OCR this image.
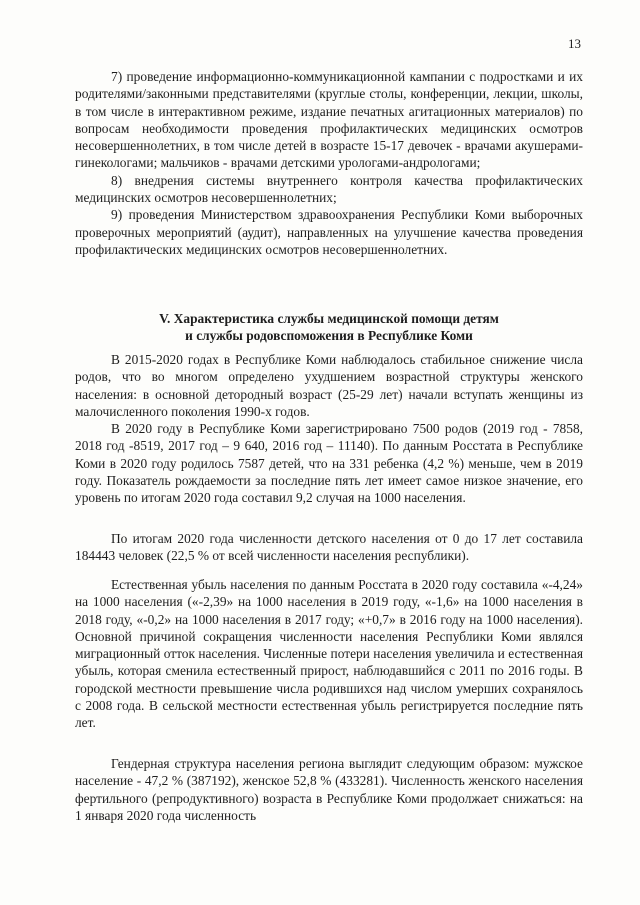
13

7) проведение информационно-коммуникационной кампании с подростками и их родителями/законными представителями (круглые столы, конференции, лекции, школы, в том числе в интерактивном режиме, издание печатных агитационных материалов) по вопросам необходимости проведения профилактических медицинских осмотров несовершеннолетних, в том числе детей в возрасте 15-17 девочек - врачами акушерами-гинекологами; мальчиков - врачами детскими урологами-андрологами;

8) внедрения системы внутреннего контроля качества профилактических медицинских осмотров несовершеннолетних;

9) проведения Министерством здравоохранения Республики Коми выборочных проверочных мероприятий (аудит), направленных на улучшение качества проведения профилактических медицинских осмотров несовершеннолетних.

V. Характеристика службы медицинской помощи детям
и службы родовспоможения в Республике Коми

В 2015-2020 годах в Республике Коми наблюдалось стабильное снижение числа родов, что во многом определено ухудшением возрастной структуры женского населения: в основной детородный возраст (25-29 лет) начали вступать женщины из малочисленного поколения 1990-х годов.

В 2020 году в Республике Коми зарегистрировано 7500 родов (2019 год - 7858, 2018 год -8519, 2017 год – 9 640, 2016 год – 11140). По данным Росстата в Республике Коми в 2020 году родилось 7587 детей, что на 331 ребенка (4,2 %) меньше, чем в 2019 году. Показатель рождаемости за последние пять лет имеет самое низкое значение, его уровень по итогам 2020 года составил 9,2 случая на 1000 населения.

По итогам 2020 года численности детского населения от 0 до 17 лет составила 184443 человек (22,5 % от всей численности населения республики).

Естественная убыль населения по данным Росстата в 2020 году составила «-4,24» на 1000 населения («-2,39» на 1000 населения в 2019 году, «-1,6» на 1000 населения в 2018 году, «-0,2» на 1000 населения в 2017 году; «+0,7» в 2016 году на 1000 населения). Основной причиной сокращения численности населения Республики Коми являлся миграционный отток населения. Численные потери населения увеличила и естественная убыль, которая сменила естественный прирост, наблюдавшийся с 2011 по 2016 годы. В городской местности превышение числа родившихся над числом умерших сохранялось с 2008 года. В сельской местности естественная убыль регистрируется последние пять лет.

Гендерная структура населения региона выглядит следующим образом: мужское население - 47,2 % (387192), женское 52,8 % (433281). Численность женского населения фертильного (репродуктивного) возраста в Республике Коми продолжает снижаться: на 1 января 2020 года численность
